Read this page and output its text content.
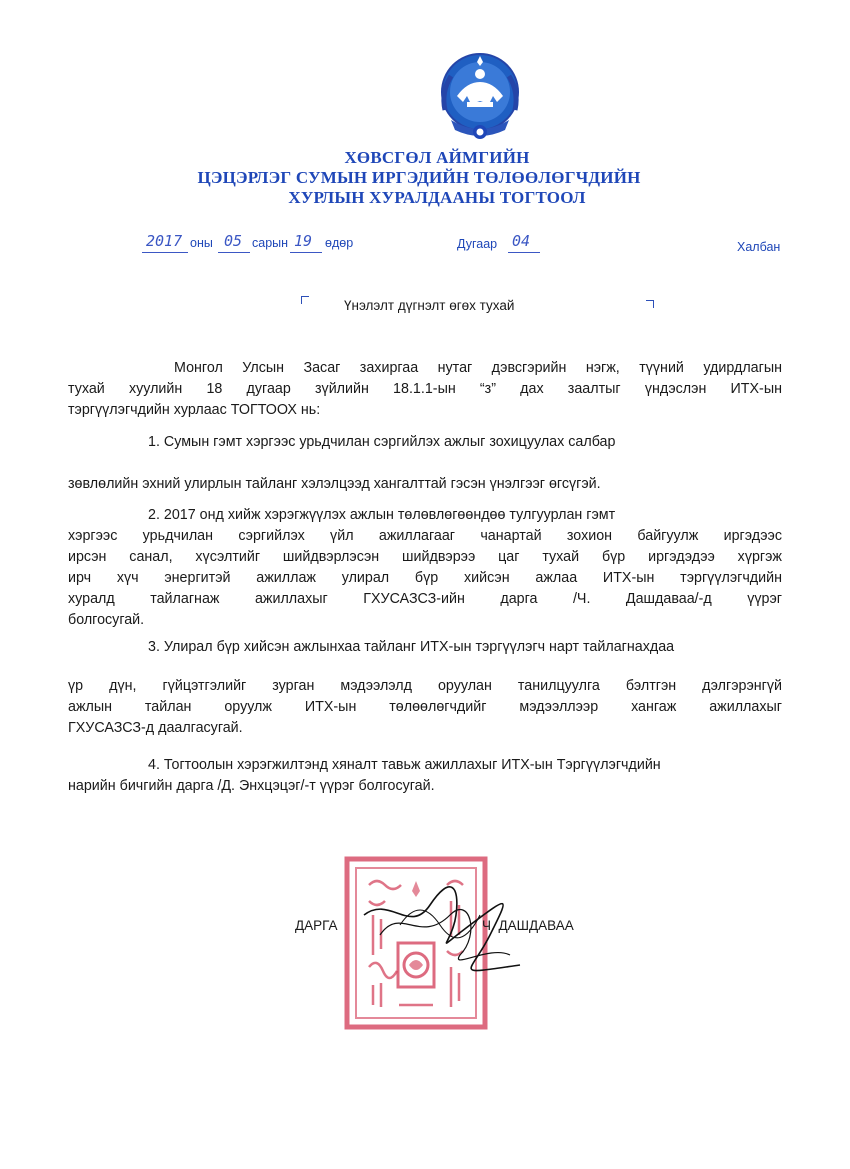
ХӨВСГӨЛ АЙМГИЙН
ЦЭЦЭРЛЭГ СУМЫН ИРГЭДИЙН ТӨЛӨӨЛӨГЧДИЙН
ХУРЛЫН ХУРАЛДААНЫ ТОГТООЛ
2017 оны 05 сарын 19 өдөр	Дугаар 04	Халбан
Үнэлэлт дүгнэлт өгөх тухай
Монгол Улсын Засаг захиргаа нутаг дэвсгэрийн нэгж, түүний удирдлагын
тухай хуулийн 18 дугаар зүйлийн 18.1.1-ын “з” дах заалтыг үндэслэн ИТХ-ын
тэргүүлэгчдийн хурлаас ТОГТООХ нь:
1. Сумын гэмт хэргээс урьдчилан сэргийлэх ажлыг зохицуулах салбар
зөвлөлийн эхний улирлын тайланг хэлэлцээд хангалттай гэсэн үнэлгээг өгсүгэй.
2. 2017 онд хийж хэрэгжүүлэх ажлын төлөвлөгөөндөө тулгуурлан гэмт
хэргээс урьдчилан сэргийлэх үйл ажиллагааг чанартай зохион байгуулж иргэдээс
ирсэн санал, хүсэлтийг шийдвэрлэсэн шийдвэрээ цаг тухай бүр иргэдэдээ хүргэж
ирч хүч энергитэй ажиллаж улирал бүр хийсэн ажлаа ИТХ-ын тэргүүлэгчдийн
хуралд тайлагнаж ажиллахыг ГХУСАЗСЗ-ийн дарга /Ч. Дашдаваа/-д үүрэг
болгосугай.
3. Улирал бүр хийсэн ажлынхаа тайланг ИТХ-ын тэргүүлэгч нарт тайлагнахдаа
үр дүн, гүйцэтгэлийг зурган мэдээлэлд оруулан танилцуулга бэлтгэн дэлгэрэнгүй
ажлын тайлан оруулж ИТХ-ын төлөөлөгчдийг мэдээллээр хангаж ажиллахыг
ГХУСАЗСЗ-д даалгасугай.
4. Тогтоолын хэрэгжилтэнд хяналт тавьж ажиллахыг ИТХ-ын Тэргүүлэгчдийн
нарийн бичгийн дарга /Д. Энхцэцэг/-т үүрэг болгосугай.
ДАРГА	Ч. ДАШДАВАА
